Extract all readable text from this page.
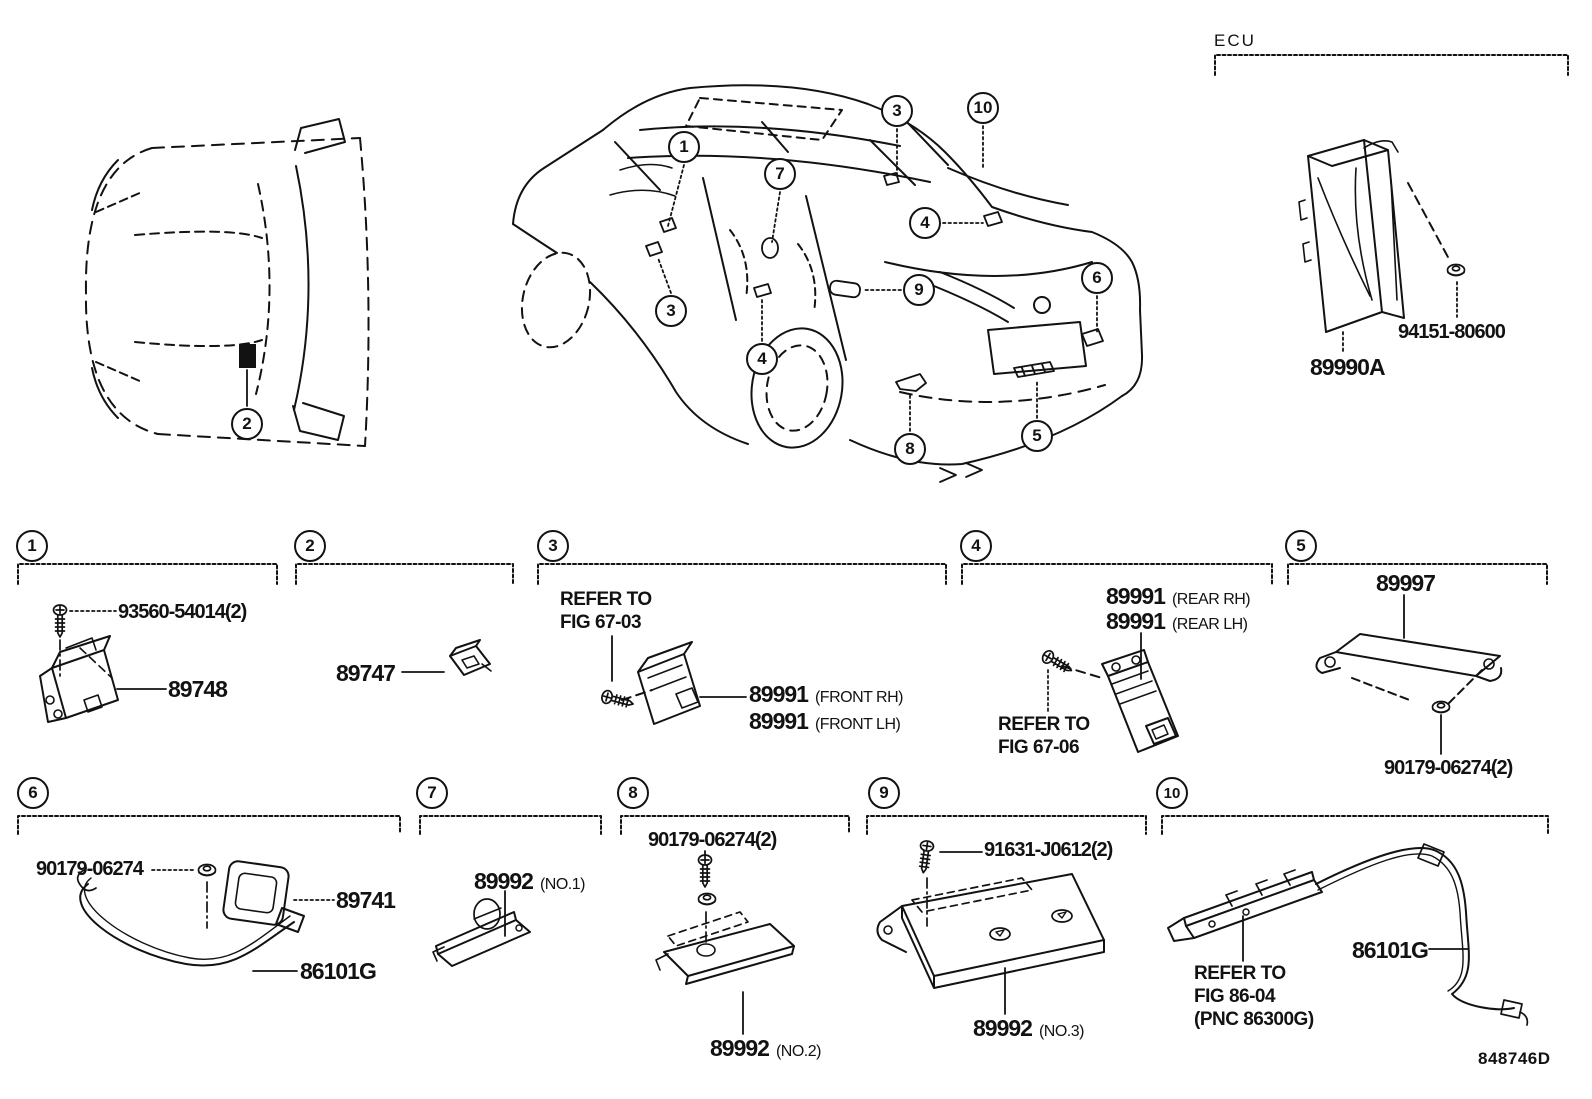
2
1
3	10
7
4
9
6
3
4
8
5
1	2	3	4	5
6	7	8	9	10
ECU
89990A
94151-80600
93560-54014(2)
89748
89747
REFER TO
FIG 67-03
89991 (FRONT RH)
89991 (FRONT LH)
89991 (REAR RH)
89991 (REAR LH)
REFER TO
FIG 67-06
89997
90179-06274(2)
90179-06274
89741
86101G
89992 (NO.1)
90179-06274(2)
89992 (NO.2)
91631-J0612(2)
89992 (NO.3)
REFER TO
FIG 86-04
(PNC 86300G)
86101G
848746D
